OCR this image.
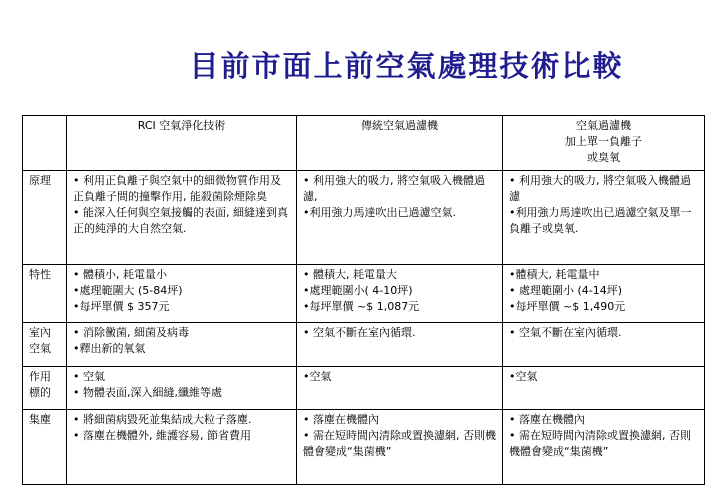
目前市面上前空氣處理技術比較
	RCI 空氣淨化技術	傳統空氣過濾機	空氣過濾機
加上單一負離子
或臭氧

原理	• 利用正負離子與空氣中的細微物質作用及正負離子間的撞擊作用, 能殺菌除煙除臭
• 能深入任何與空氣接觸的表面, 細縫達到真正的純淨的大自然空氣.	• 利用強大的吸力, 將空氣吸入機體過濾,
•利用強力馬達吹出已過濾空氣.	• 利用強大的吸力, 將空氣吸入機體過濾
•利用強力馬達吹出已過濾空氣及單一負離子或臭氧.

特性	• 體積小, 耗電量小
•處理範圍大 (5-84坪)
•每坪單價 $ 357元	• 體積大, 耗電量大
•處理範圍小( 4-10坪)
•每坪單價 ~$ 1,087元	•體積大, 耗電量中
• 處理範圍小 (4-14坪)
•每坪單價 ~$ 1,490元

室內
空氣	• 消除黴菌, 細菌及病毒
•釋出新的氧氣	• 空氣不斷在室內循環.	• 空氣不斷在室內循環.

作用
標的	• 空氣
• 物體表面,深入細縫,纖維等處	•空氣	•空氣

集塵	• 將細菌病毀死並集結成大粒子落塵.
• 落塵在機體外, 維護容易, 節省費用	• 落塵在機體內
• 需在短時間內清除或置換濾網, 否則機體會變成“集菌機”	• 落塵在機體內
• 需在短時間內清除或置換濾網, 否則機體會變成“集菌機”
